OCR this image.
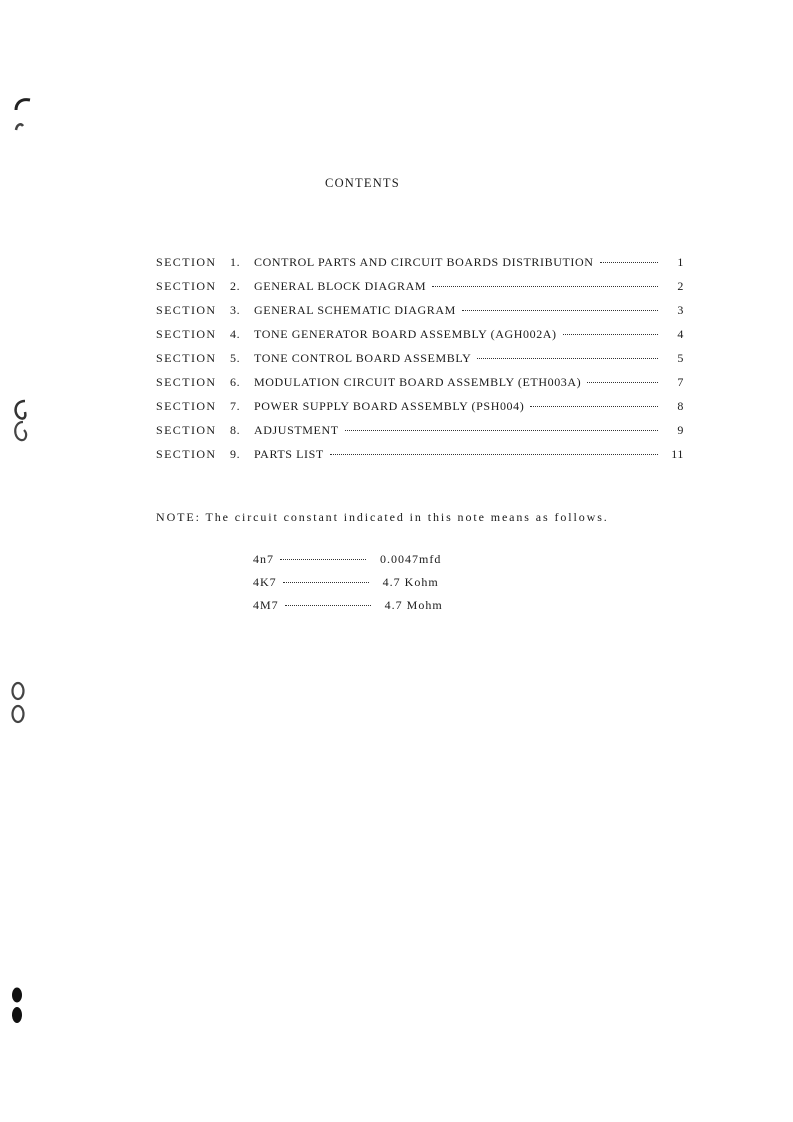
CONTENTS
SECTION	1.	CONTROL PARTS AND CIRCUIT BOARDS DISTRIBUTION	1
SECTION	2.	GENERAL BLOCK DIAGRAM	2
SECTION	3.	GENERAL SCHEMATIC DIAGRAM	3
SECTION	4.	TONE GENERATOR BOARD ASSEMBLY (AGH002A)	4
SECTION	5.	TONE CONTROL BOARD ASSEMBLY	5
SECTION	6.	MODULATION CIRCUIT BOARD ASSEMBLY (ETH003A)	7
SECTION	7.	POWER SUPPLY BOARD ASSEMBLY (PSH004)	8
SECTION	8.	ADJUSTMENT	9
SECTION	9.	PARTS LIST	11
NOTE: The circuit constant indicated in this note means as follows.
4n7	0.0047mfd
4K7	4.7 Kohm
4M7	4.7 Mohm
